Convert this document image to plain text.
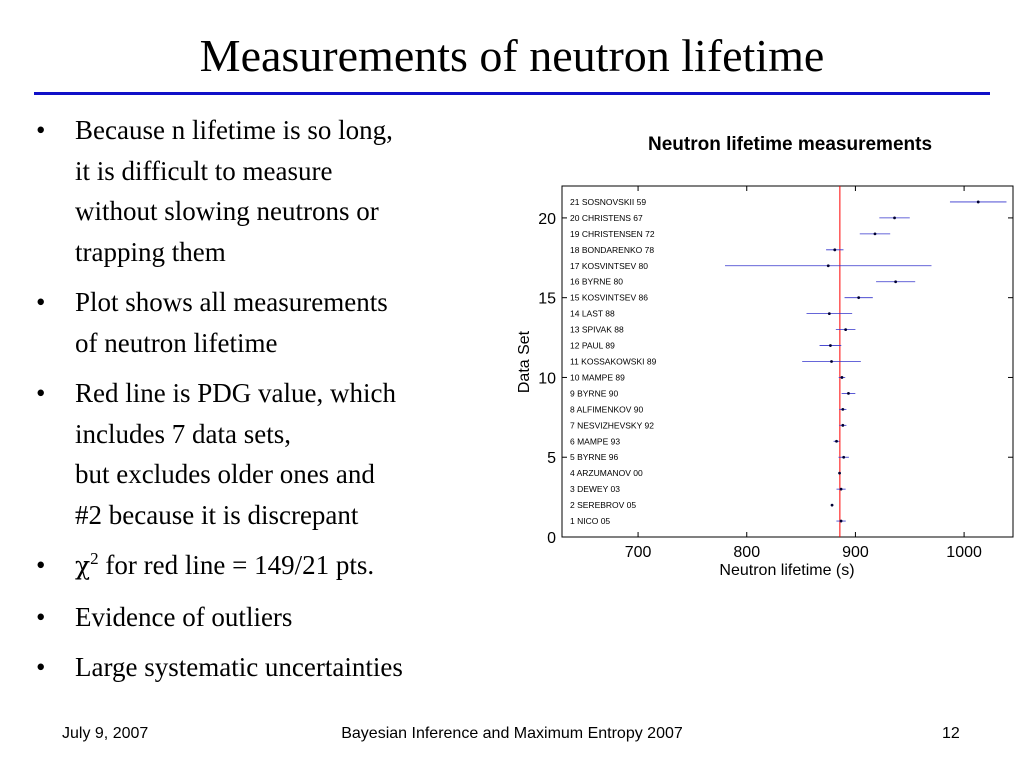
Measurements of neutron lifetime
• Because n lifetime is so long,
it is difficult to measure
without slowing neutrons or
trapping them
• Plot shows all measurements
of neutron lifetime
• Red line is PDG value, which
includes 7 data sets,
but excludes older ones and
#2 because it is discrepant
• $\chi^2$ for red line = 149/21 pts.
• Evidence of outliers
• Large systematic uncertainties
Neutron lifetime measurements
700	800	900	1000
0
5
10
15
20
1 NICO 05
2 SEREBROV 05
3 DEWEY 03
4 ARZUMANOV 00
5 BYRNE 96
6 MAMPE 93
7 NESVIZHEVSKY 92
8 ALFIMENKOV 90
9 BYRNE 90
10 MAMPE 89
11 KOSSAKOWSKI 89
12 PAUL 89
13 SPIVAK 88
14 LAST 88
15 KOSVINTSEV 86
16 BYRNE 80
17 KOSVINTSEV 80
18 BONDARENKO 78
19 CHRISTENSEN 72
20 CHRISTENS 67
21 SOSNOVSKII 59
Neutron lifetime (s)
Data Set
July 9, 2007	Bayesian Inference and Maximum Entropy 2007	12
